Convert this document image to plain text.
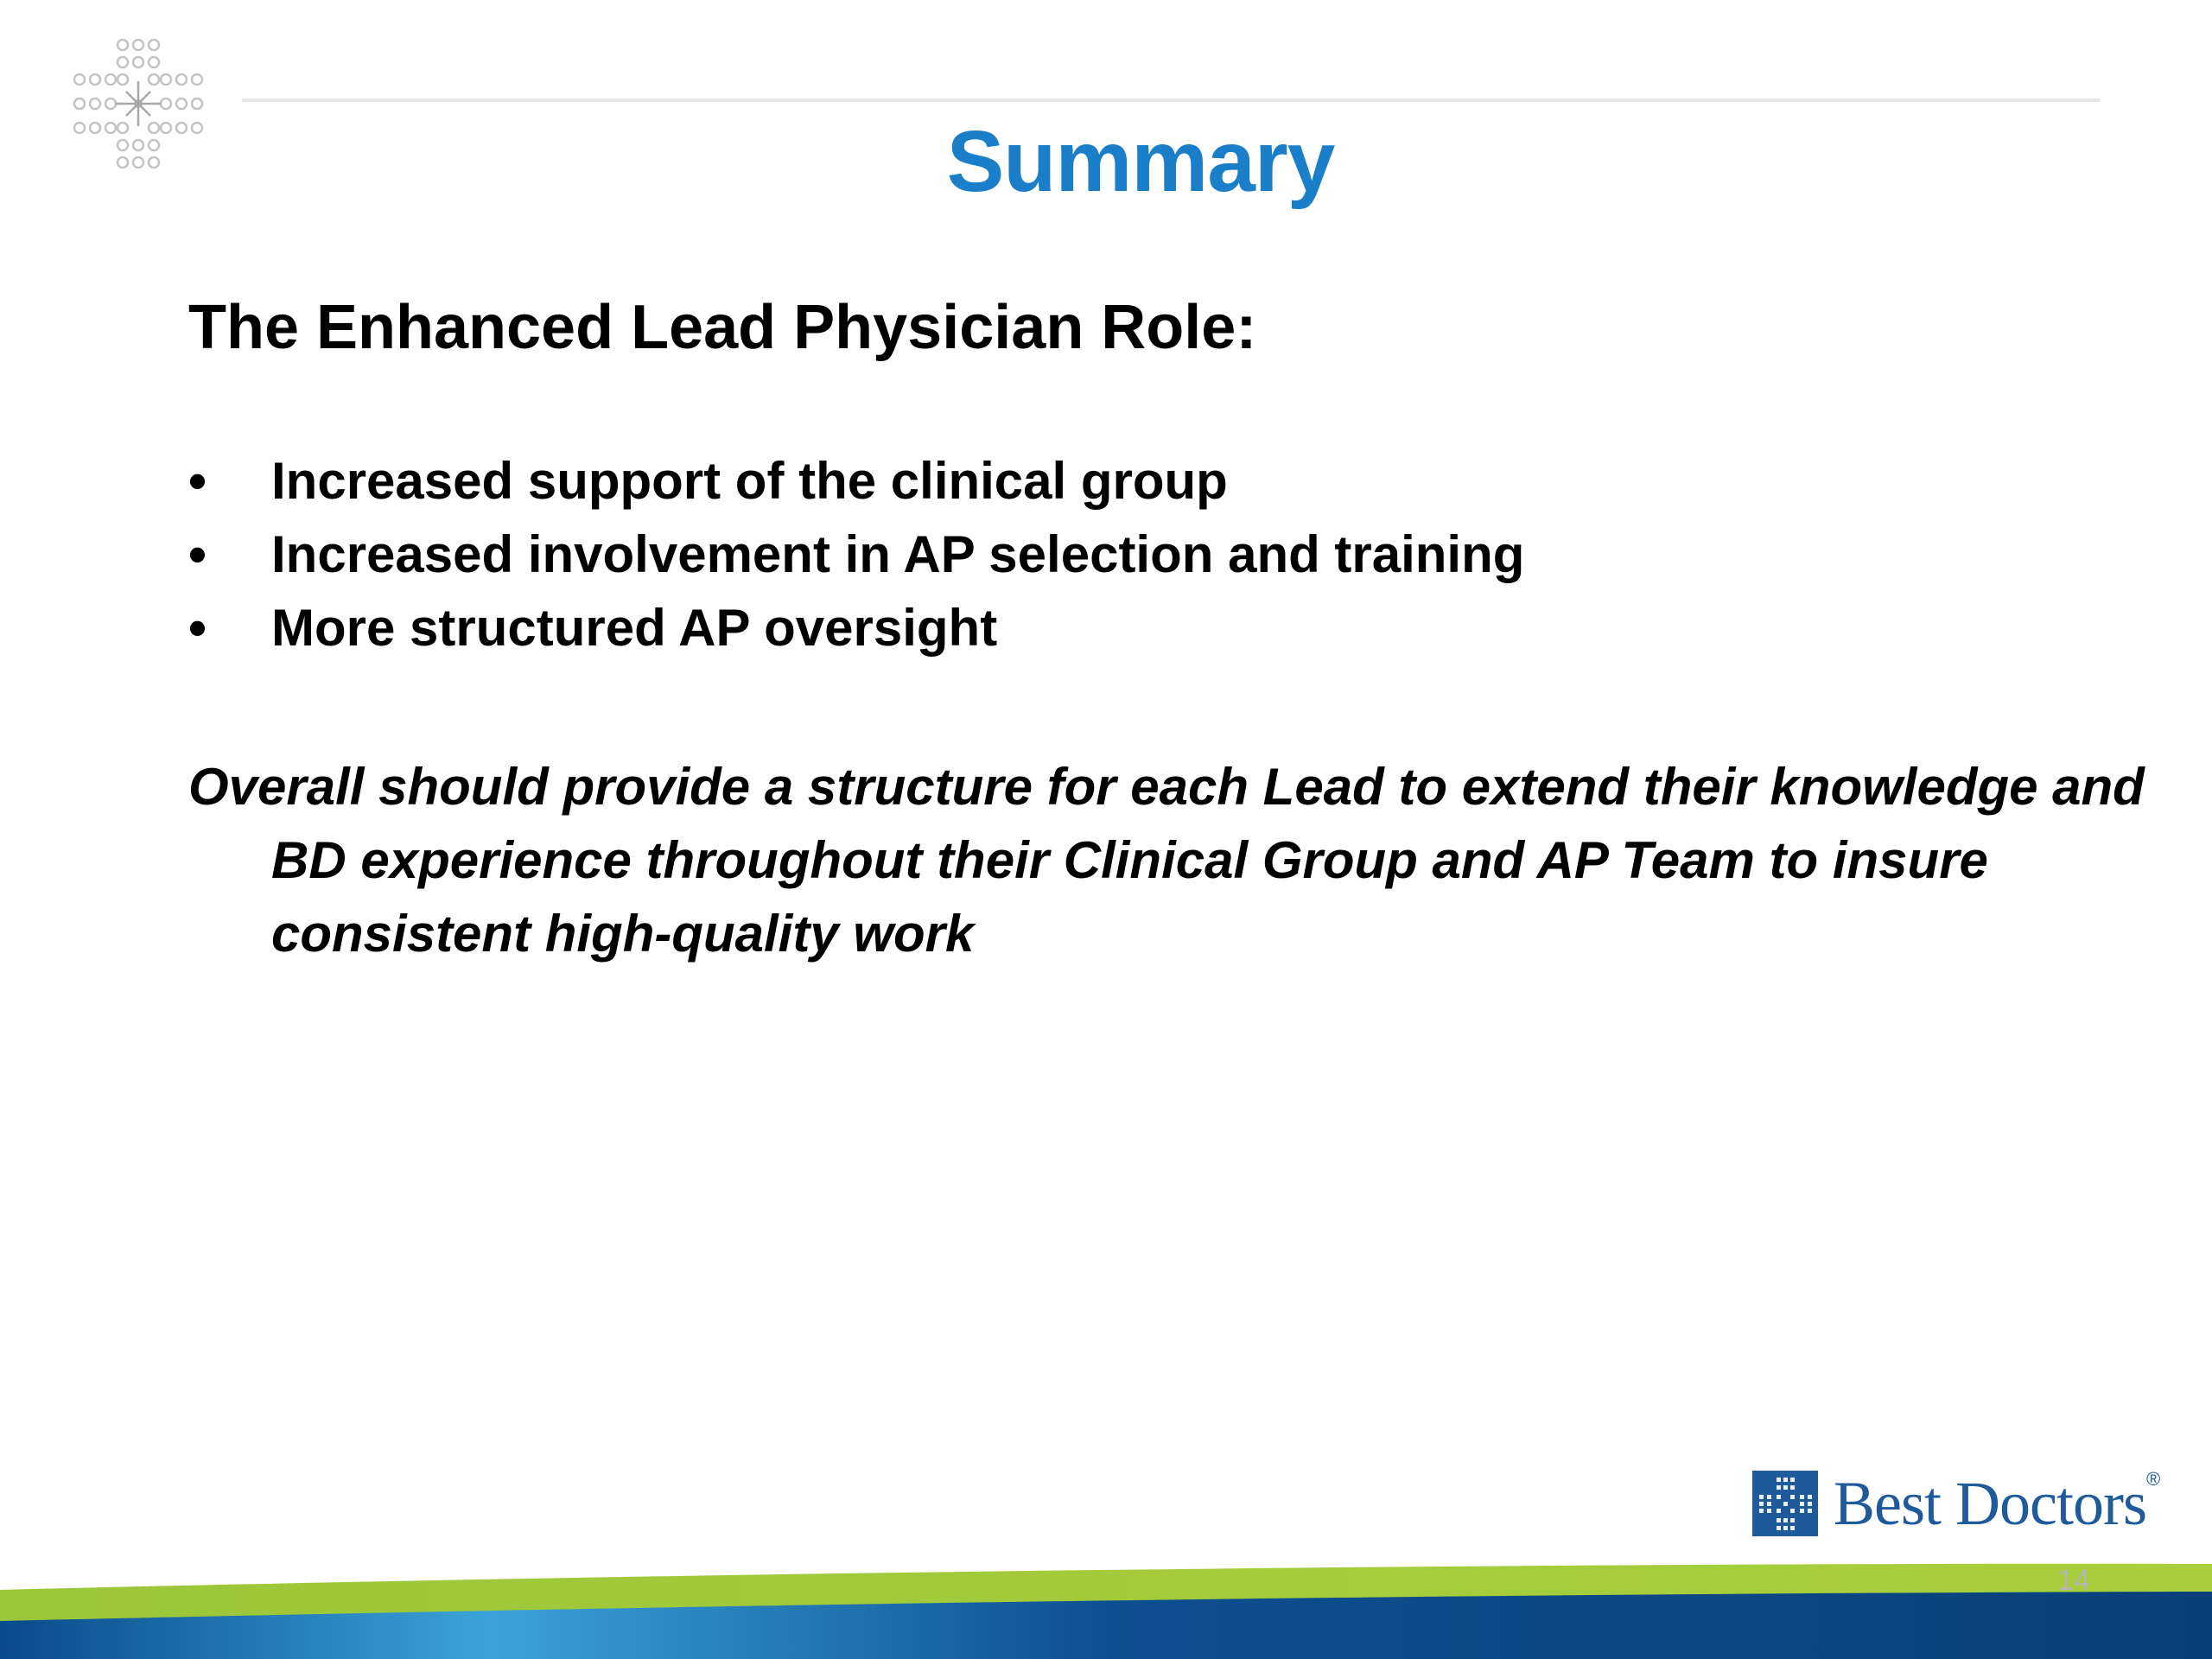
Summary
The Enhanced Lead Physician Role:
• Increased support of the clinical group
• Increased involvement in AP selection and training
• More structured AP oversight
Overall should provide a structure for each Lead to extend their knowledge and BD experience throughout their Clinical Group and AP Team to insure consistent high-quality work
Best Doctors®
14
